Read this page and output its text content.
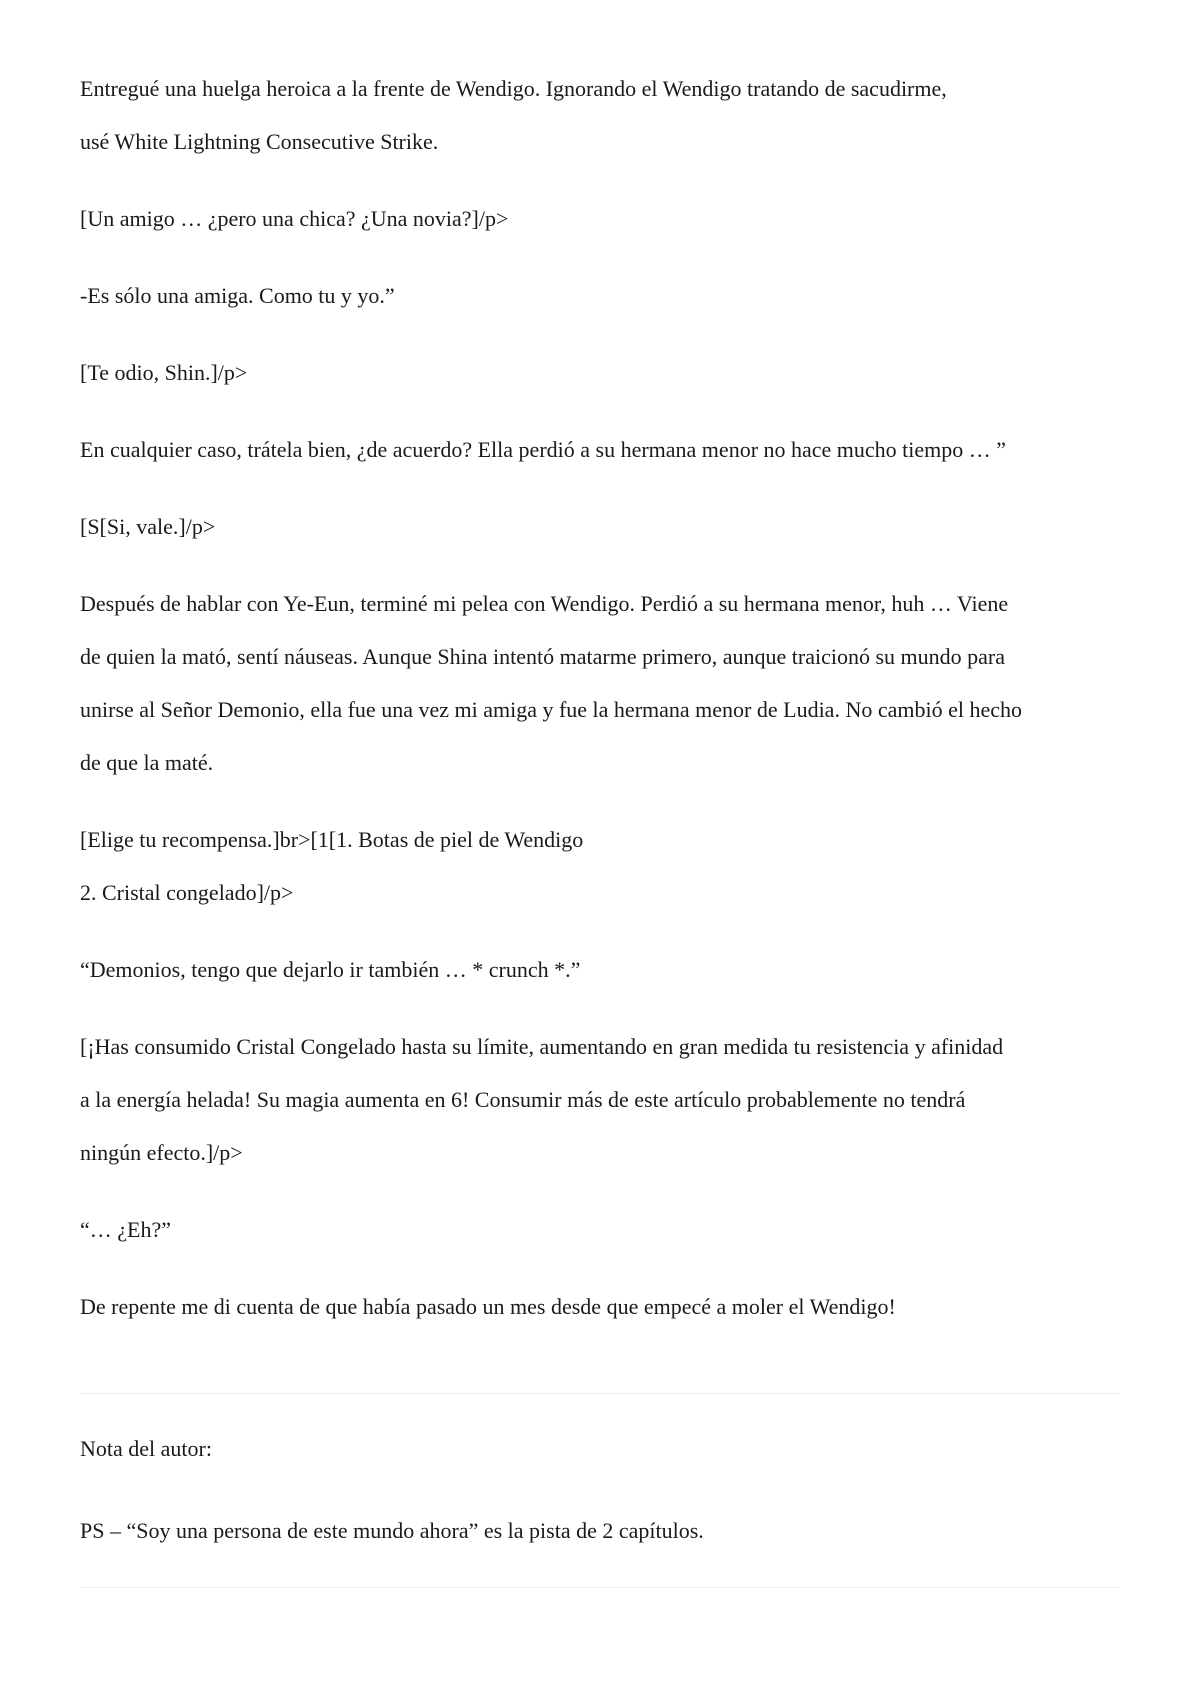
Entregué una huelga heroica a la frente de Wendigo. Ignorando el Wendigo tratando de sacudirme,

usé White Lightning Consecutive Strike.

[Un amigo … ¿pero una chica? ¿Una novia?]/p>

-Es sólo una amiga. Como tu y yo.”

[Te odio, Shin.]/p>

En cualquier caso, trátela bien, ¿de acuerdo? Ella perdió a su hermana menor no hace mucho tiempo … ”

[S[Si, vale.]/p>

Después de hablar con Ye-Eun, terminé mi pelea con Wendigo. Perdió a su hermana menor, huh … Viene

de quien la mató, sentí náuseas. Aunque Shina intentó matarme primero, aunque traicionó su mundo para

unirse al Señor Demonio, ella fue una vez mi amiga y fue la hermana menor de Ludia. No cambió el hecho

de que la maté.

[Elige tu recompensa.]br>[1[1. Botas de piel de Wendigo

2. Cristal congelado]/p>

“Demonios, tengo que dejarlo ir también … * crunch *.”

[¡Has consumido Cristal Congelado hasta su límite, aumentando en gran medida tu resistencia y afinidad

a la energía helada! Su magia aumenta en 6! Consumir más de este artículo probablemente no tendrá

ningún efecto.]/p>

“… ¿Eh?”

De repente me di cuenta de que había pasado un mes desde que empecé a moler el Wendigo!

Nota del autor:

PS – “Soy una persona de este mundo ahora” es la pista de 2 capítulos.
